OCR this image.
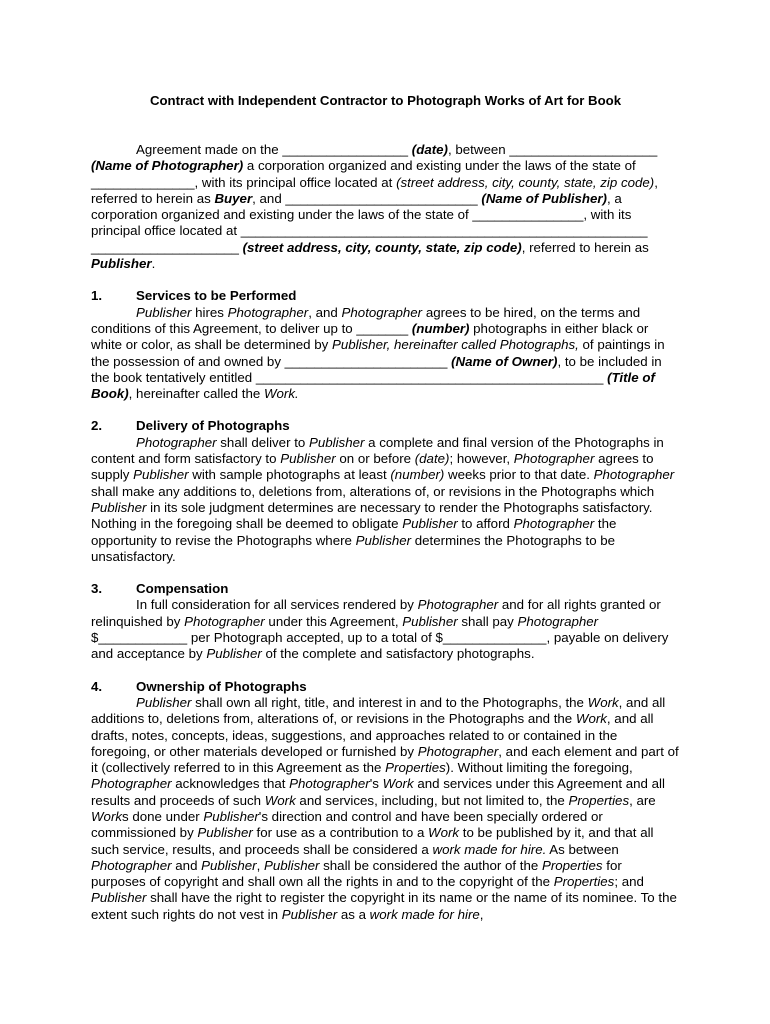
Contract with Independent Contractor to Photograph Works of Art for Book

Agreement made on the _________________ (date), between ____________________ (Name of Photographer) a corporation organized and existing under the laws of the state of ______________, with its principal office located at (street address, city, county, state, zip code), referred to herein as Buyer, and __________________________ (Name of Publisher), a corporation organized and existing under the laws of the state of _______________, with its principal office located at _______________________________________________________ ____________________ (street address, city, county, state, zip code), referred to herein as Publisher.

1.	Services to be Performed

Publisher hires Photographer, and Photographer agrees to be hired, on the terms and conditions of this Agreement, to deliver up to _______ (number) photographs in either black or white or color, as shall be determined by Publisher, hereinafter called Photographs, of paintings in the possession of and owned by ______________________ (Name of Owner), to be included in the book tentatively entitled _______________________________________________ (Title of Book), hereinafter called the Work.

2.	Delivery of Photographs

Photographer shall deliver to Publisher a complete and final version of the Photographs in content and form satisfactory to Publisher on or before (date); however, Photographer agrees to supply Publisher with sample photographs at least (number) weeks prior to that date. Photographer shall make any additions to, deletions from, alterations of, or revisions in the Photographs which Publisher in its sole judgment determines are necessary to render the Photographs satisfactory. Nothing in the foregoing shall be deemed to obligate Publisher to afford Photographer the opportunity to revise the Photographs where Publisher determines the Photographs to be unsatisfactory.

3.	Compensation

In full consideration for all services rendered by Photographer and for all rights granted or relinquished by Photographer under this Agreement, Publisher shall pay Photographer $____________ per Photograph accepted, up to a total of $______________, payable on delivery and acceptance by Publisher of the complete and satisfactory photographs.

4.	Ownership of Photographs

Publisher shall own all right, title, and interest in and to the Photographs, the Work, and all additions to, deletions from, alterations of, or revisions in the Photographs and the Work, and all drafts, notes, concepts, ideas, suggestions, and approaches related to or contained in the foregoing, or other materials developed or furnished by Photographer, and each element and part of it (collectively referred to in this Agreement as the Properties). Without limiting the foregoing, Photographer acknowledges that Photographer's Work and services under this Agreement and all results and proceeds of such Work and services, including, but not limited to, the Properties, are Works done under Publisher's direction and control and have been specially ordered or commissioned by Publisher for use as a contribution to a Work to be published by it, and that all such service, results, and proceeds shall be considered a work made for hire. As between Photographer and Publisher, Publisher shall be considered the author of the Properties for purposes of copyright and shall own all the rights in and to the copyright of the Properties; and Publisher shall have the right to register the copyright in its name or the name of its nominee. To the extent such rights do not vest in Publisher as a work made for hire,
